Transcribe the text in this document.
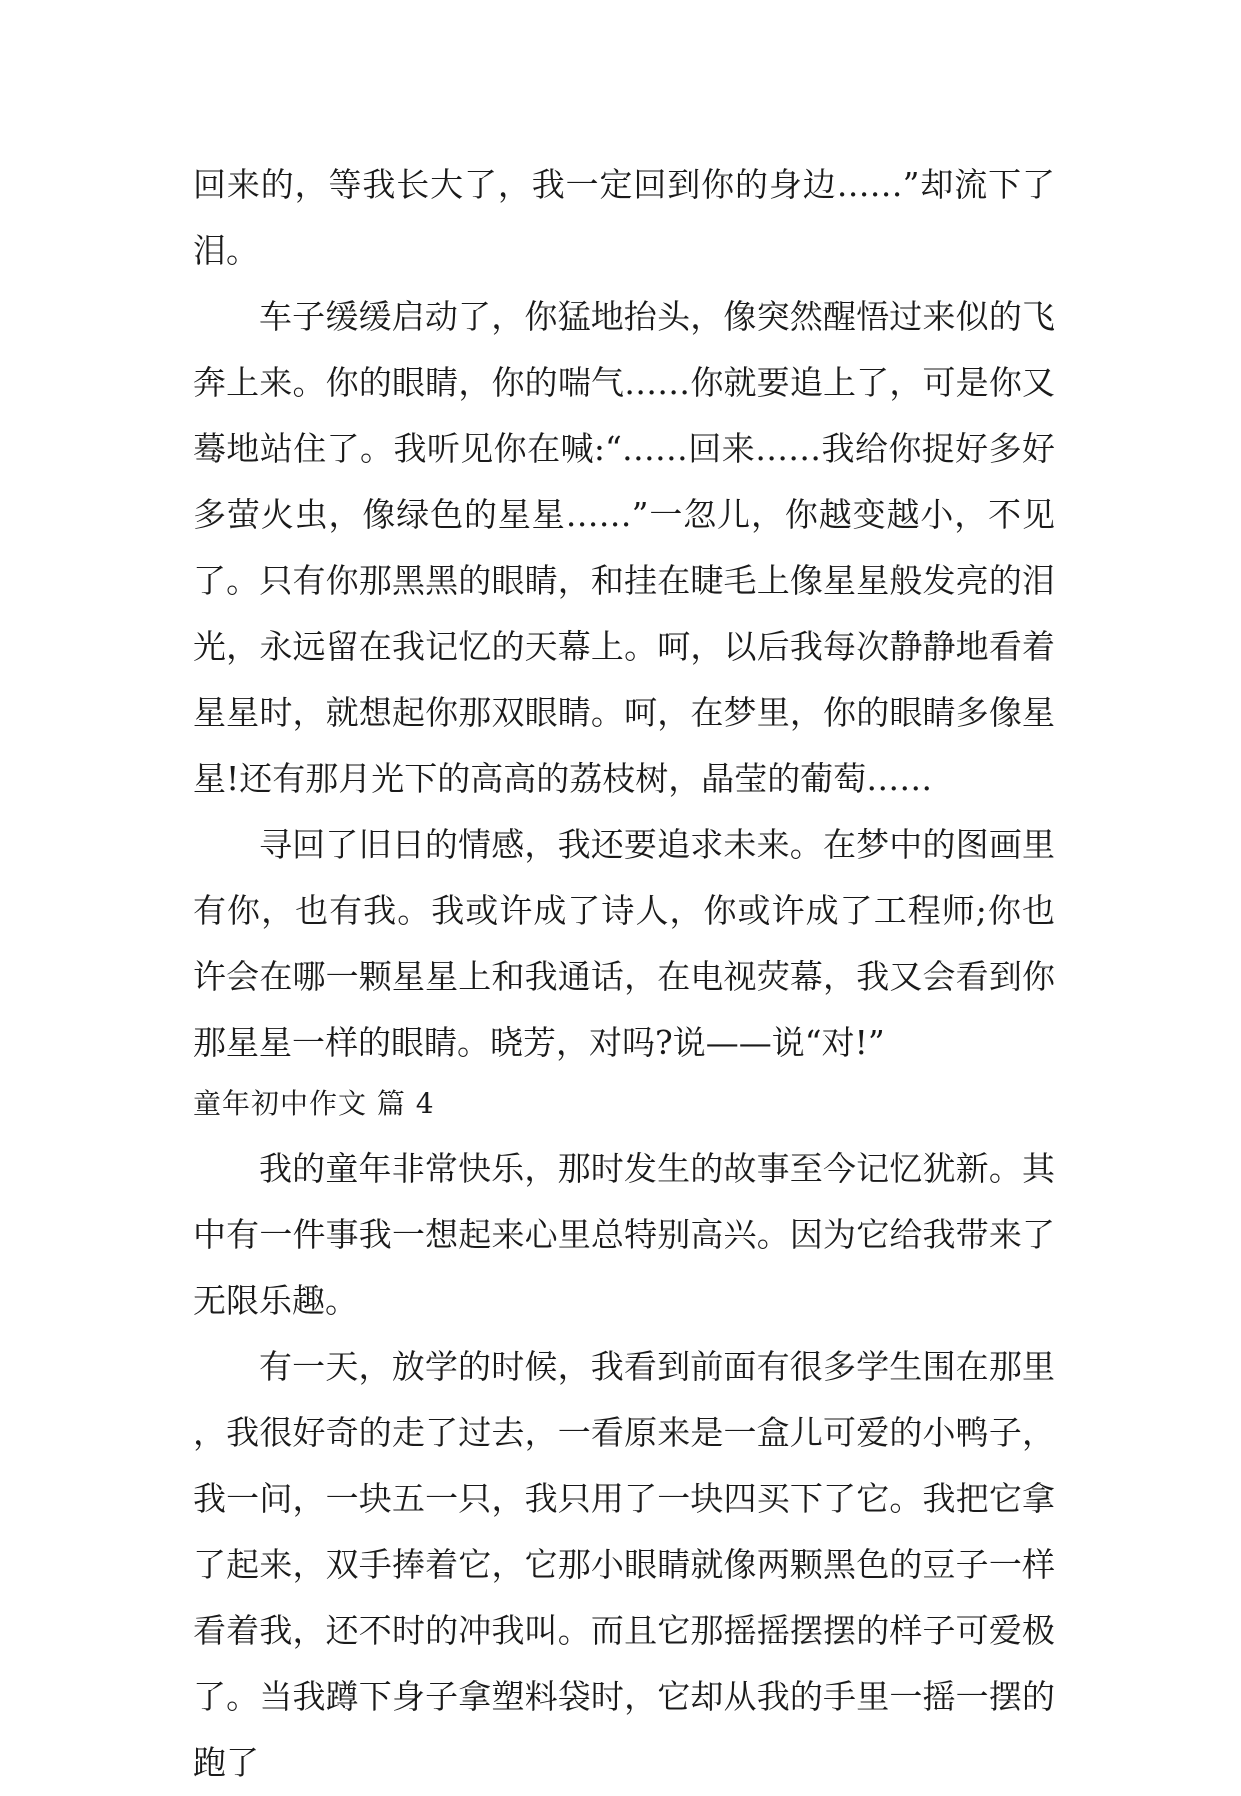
回来的，等我长大了，我一定回到你的身边……”却流下了泪。

车子缓缓启动了，你猛地抬头，像突然醒悟过来似的飞奔上来。你的眼睛，你的喘气……你就要追上了，可是你又蓦地站住了。我听见你在喊:“……回来……我给你捉好多好多萤火虫，像绿色的星星……”一忽儿，你越变越小，不见了。只有你那黑黑的眼睛，和挂在睫毛上像星星般发亮的泪光，永远留在我记忆的天幕上。呵，以后我每次静静地看着星星时，就想起你那双眼睛。呵，在梦里，你的眼睛多像星星!还有那月光下的高高的荔枝树，晶莹的葡萄……

寻回了旧日的情感，我还要追求未来。在梦中的图画里有你，也有我。我或许成了诗人，你或许成了工程师;你也许会在哪一颗星星上和我通话，在电视荧幕，我又会看到你那星星一样的眼睛。晓芳，对吗?说——说“对!”

童年初中作文 篇 4

我的童年非常快乐，那时发生的故事至今记忆犹新。其中有一件事我一想起来心里总特别高兴。因为它给我带来了无限乐趣。

有一天，放学的时候，我看到前面有很多学生围在那里，我很好奇的走了过去，一看原来是一盒儿可爱的小鸭子，我一问，一块五一只，我只用了一块四买下了它。我把它拿了起来，双手捧着它，它那小眼睛就像两颗黑色的豆子一样看着我，还不时的冲我叫。而且它那摇摇摆摆的样子可爱极了。当我蹲下身子拿塑料袋时，它却从我的手里一摇一摆的跑了
